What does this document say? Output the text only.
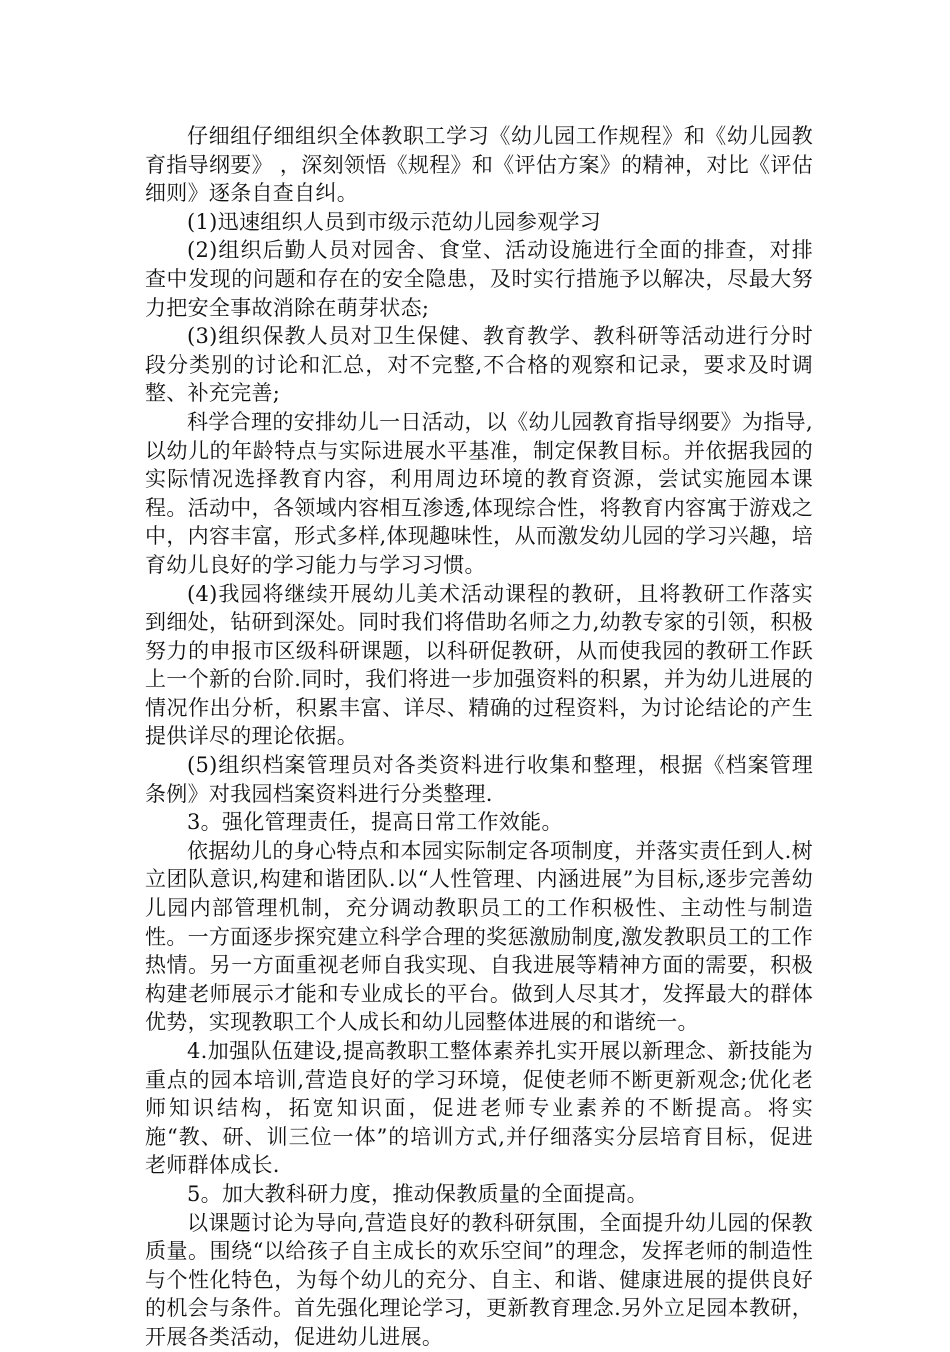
仔细组仔细组织全体教职工学习《幼儿园工作规程》和《幼儿园教育指导纲要》 ，深刻领悟《规程》和《评估方案》的精神，对比《评估细则》逐条自查自纠。

(1)迅速组织人员到市级示范幼儿园参观学习

(2)组织后勤人员对园舍、食堂、活动设施进行全面的排查，对排查中发现的问题和存在的安全隐患，及时实行措施予以解决，尽最大努力把安全事故消除在萌芽状态;

(3)组织保教人员对卫生保健、教育教学、教科研等活动进行分时段分类别的讨论和汇总，对不完整,不合格的观察和记录，要求及时调整、补充完善;

科学合理的安排幼儿一日活动，以《幼儿园教育指导纲要》为指导,以幼儿的年龄特点与实际进展水平基准，制定保教目标。并依据我园的实际情况选择教育内容，利用周边环境的教育资源，尝试实施园本课程。活动中，各领域内容相互渗透,体现综合性，将教育内容寓于游戏之中，内容丰富，形式多样,体现趣味性，从而激发幼儿园的学习兴趣，培育幼儿良好的学习能力与学习习惯。

(4)我园将继续开展幼儿美术活动课程的教研，且将教研工作落实到细处，钻研到深处。同时我们将借助名师之力,幼教专家的引领，积极努力的申报市区级科研课题，以科研促教研，从而使我园的教研工作跃上一个新的台阶.同时，我们将进一步加强资料的积累，并为幼儿进展的情况作出分析，积累丰富、详尽、精确的过程资料，为讨论结论的产生提供详尽的理论依据。

(5)组织档案管理员对各类资料进行收集和整理，根据《档案管理条例》对我园档案资料进行分类整理.

3。强化管理责任，提高日常工作效能。

依据幼儿的身心特点和本园实际制定各项制度，并落实责任到人.树立团队意识,构建和谐团队.以“人性管理、内涵进展”为目标,逐步完善幼儿园内部管理机制，充分调动教职员工的工作积极性、主动性与制造性。一方面逐步探究建立科学合理的奖惩激励制度,激发教职员工的工作热情。另一方面重视老师自我实现、自我进展等精神方面的需要，积极构建老师展示才能和专业成长的平台。做到人尽其才，发挥最大的群体优势，实现教职工个人成长和幼儿园整体进展的和谐统一。

4.加强队伍建设,提高教职工整体素养扎实开展以新理念、新技能为重点的园本培训,营造良好的学习环境，促使老师不断更新观念;优化老师知识结构，拓宽知识面，促进老师专业素养的不断提高。将实施“教、研、训三位一体”的培训方式,并仔细落实分层培育目标，促进老师群体成长.

5。加大教科研力度，推动保教质量的全面提高。

以课题讨论为导向,营造良好的教科研氛围，全面提升幼儿园的保教质量。围绕“以给孩子自主成长的欢乐空间”的理念，发挥老师的制造性与个性化特色，为每个幼儿的充分、自主、和谐、健康进展的提供良好的机会与条件。首先强化理论学习，更新教育理念.另外立足园本教研，开展各类活动，促进幼儿进展。
